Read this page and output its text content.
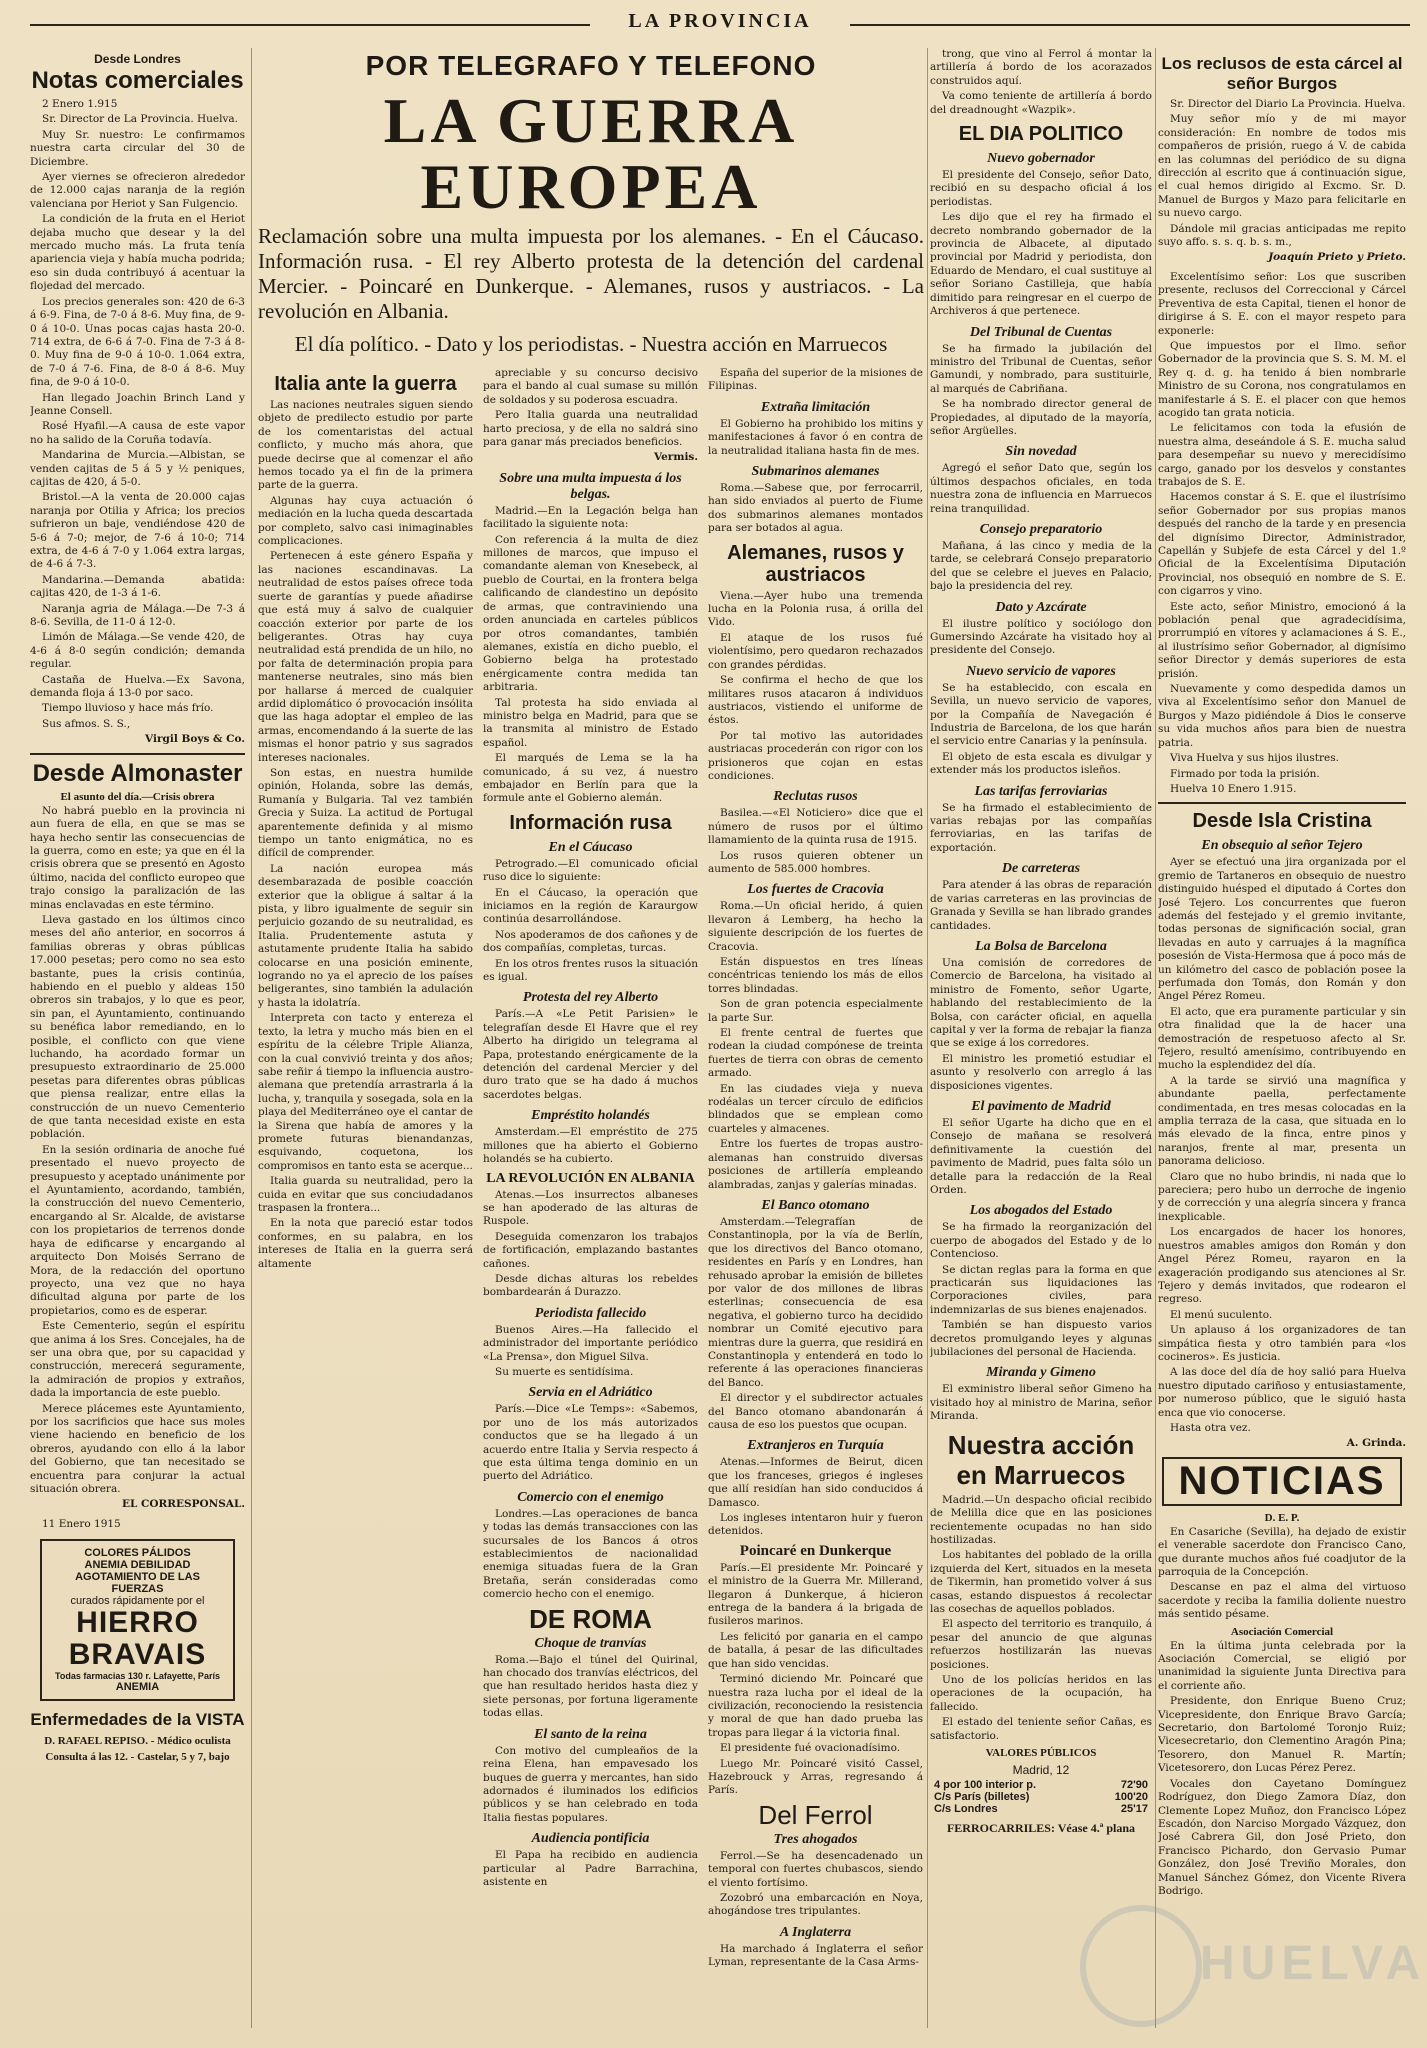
LA PROVINCIA
Desde Londres
Notas comerciales

2 Enero 1.915

Sr. Director de La Provincia. Huelva.

Muy Sr. nuestro: Le confirmamos nuestra carta circular del 30 de Diciembre.

Ayer viernes se ofrecieron alrededor de 12.000 cajas naranja de la región valenciana por Heriot y San Fulgencio.

La condición de la fruta en el Heriot dejaba mucho que desear y la del mercado mucho más. La fruta tenía apariencia vieja y había mucha podrida; eso sin duda contribuyó á acentuar la flojedad del mercado.

Los precios generales son: 420 de 6-3 á 6-9. Fina, de 7-0 á 8-6. Muy fina, de 9-0 á 10-0. Unas pocas cajas hasta 20-0. 714 extra, de 6-6 á 7-0. Fina de 7-3 á 8-0. Muy fina de 9-0 á 10-0. 1.064 extra, de 7-0 á 7-6. Fina, de 8-0 á 8-6. Muy fina, de 9-0 á 10-0.

Han llegado Joachin Brinch Land y Jeanne Consell.

Rosé Hyafil.—A causa de este vapor no ha salido de la Coruña todavía.

Mandarina de Murcia.—Albistan, se venden cajitas de 5 á 5 y ½ peniques, cajitas de 420, á 5-0.

Bristol.—A la venta de 20.000 cajas naranja por Otilia y Africa; los precios sufrieron un baje, vendiéndose 420 de 5-6 á 7-0; mejor, de 7-6 á 10-0; 714 extra, de 4-6 á 7-0 y 1.064 extra largas, de 4-6 á 7-3.

Mandarina.—Demanda abatida: cajitas 420, de 1-3 á 1-6.

Naranja agria de Málaga.—De 7-3 á 8-6. Sevilla, de 11-0 á 12-0.

Limón de Málaga.—Se vende 420, de 4-6 á 8-0 según condición; demanda regular.

Castaña de Huelva.—Ex Savona, demanda floja á 13-0 por saco.

Tiempo lluvioso y hace más frío.

Sus afmos. S. S.,

Virgil Boys & Co.
Desde Almonaster
El asunto del día.—Crisis obrera

No habrá pueblo en la provincia ni aun fuera de ella, en que se mas se haya hecho sentir las consecuencias de la guerra, como en este; ya que en él la crisis obrera que se presentó en Agosto último, nacida del conflicto europeo que trajo consigo la paralización de las minas enclavadas en este término.

Lleva gastado en los últimos cinco meses del año anterior, en socorros á familias obreras y obras públicas 17.000 pesetas; pero como no sea esto bastante, pues la crisis continúa, habiendo en el pueblo y aldeas 150 obreros sin trabajos, y lo que es peor, sin pan, el Ayuntamiento, continuando su benéfica labor remediando, en lo posible, el conflicto con que viene luchando, ha acordado formar un presupuesto extraordinario de 25.000 pesetas para diferentes obras públicas que piensa realizar, entre ellas la construcción de un nuevo Cementerio de que tanta necesidad existe en esta población.

En la sesión ordinaria de anoche fué presentado el nuevo proyecto de presupuesto y aceptado unánimente por el Ayuntamiento, acordando, también, la construcción del nuevo Cementerio, encargando al Sr. Alcalde, de avistarse con los propietarios de terrenos donde haya de edificarse y encargando al arquitecto Don Moisés Serrano de Mora, de la redacción del oportuno proyecto, una vez que no haya dificultad alguna por parte de los propietarios, como es de esperar.

Este Cementerio, según el espíritu que anima á los Sres. Concejales, ha de ser una obra que, por su capacidad y construcción, merecerá seguramente, la admiración de propios y extraños, dada la importancia de este pueblo.

Merece plácemes este Ayuntamiento, por los sacrificios que hace sus moles viene haciendo en beneficio de los obreros, ayudando con ello á la labor del Gobierno, que tan necesitado se encuentra para conjurar la actual situación obrera.

EL CORRESPONSAL.

11 Enero 1915

COLORES PÁLIDOS
ANEMIA DEBILIDAD AGOTAMIENTO DE LAS FUERZAS
curados rápidamente por el
HIERRO BRAVAIS
Todas farmacias 130 r. Lafayette, París
ANEMIA
Enfermedades de la VISTA
D. RAFAEL REPISO. - Médico oculista
Consulta á las 12. - Castelar, 5 y 7, bajo
POR TELEGRAFO Y TELEFONO
LA GUERRA EUROPEA
Reclamación sobre una multa impuesta por los alemanes. - En el Cáucaso. Información rusa. - El rey Alberto protesta de la detención del cardenal Mercier. - Poincaré en Dunkerque. - Alemanes, rusos y austriacos. - La revolución en Albania.
El día político. - Dato y los periodistas. - Nuestra acción en Marruecos
Italia ante la guerra

Las naciones neutrales siguen siendo objeto de predilecto estudio por parte de los comentaristas del actual conflicto, y mucho más ahora, que puede decirse que al comenzar el año hemos tocado ya el fin de la primera parte de la guerra.

Algunas hay cuya actuación ó mediación en la lucha queda descartada por completo, salvo casi inimaginables complicaciones.

Pertenecen á este género España y las naciones escandinavas. La neutralidad de estos países ofrece toda suerte de garantías y puede añadirse que está muy á salvo de cualquier coacción exterior por parte de los beligerantes. Otras hay cuya neutralidad está prendida de un hilo, no por falta de determinación propia para mantenerse neutrales, sino más bien por hallarse á merced de cualquier ardid diplomático ó provocación insólita que las haga adoptar el empleo de las armas, encomendando á la suerte de las mismas el honor patrio y sus sagrados intereses nacionales.

Son estas, en nuestra humilde opinión, Holanda, sobre las demás, Rumanía y Bulgaria. Tal vez también Grecia y Suiza. La actitud de Portugal aparentemente definida y al mismo tiempo un tanto enigmática, no es difícil de comprender.

La nación europea más desembarazada de posible coacción exterior que la obligue á saltar á la pista, y libro igualmente de seguir sin perjuicio gozando de su neutralidad, es Italia. Prudentemente astuta y astutamente prudente Italia ha sabido colocarse en una posición eminente, logrando no ya el aprecio de los países beligerantes, sino también la adulación y hasta la idolatría.

Interpreta con tacto y entereza el texto, la letra y mucho más bien en el espíritu de la célebre Triple Alianza, con la cual convivió treinta y dos años; sabe reñir á tiempo la influencia austro-alemana que pretendía arrastrarla á la lucha, y, tranquila y sosegada, sola en la playa del Mediterráneo oye el cantar de la Sirena que había de amores y la promete futuras bienandanzas, esquivando, coquetona, los compromisos en tanto esta se acerque...

Italia guarda su neutralidad, pero la cuida en evitar que sus conciudadanos traspasen la frontera...

En la nota que pareció estar todos conformes, en su palabra, en los intereses de Italia en la guerra será altamente

apreciable y su concurso decisivo para el bando al cual sumase su millón de soldados y su poderosa escuadra.

Pero Italia guarda una neutralidad harto preciosa, y de ella no saldrá sino para ganar más preciados beneficios.

Vermis.
Sobre una multa impuesta á los belgas.

Madrid.—En la Legación belga han facilitado la siguiente nota:

Con referencia á la multa de diez millones de marcos, que impuso el comandante aleman von Knesebeck, al pueblo de Courtai, en la frontera belga calificando de clandestino un depósito de armas, que contraviniendo una orden anunciada en carteles públicos por otros comandantes, también alemanes, existía en dicho pueblo, el Gobierno belga ha protestado enérgicamente contra medida tan arbitraria.

Tal protesta ha sido enviada al ministro belga en Madrid, para que se la transmita al ministro de Estado español.

El marqués de Lema se la ha comunicado, á su vez, á nuestro embajador en Berlín para que la formule ante el Gobierno alemán.

Información rusa
En el Cáucaso

Petrogrado.—El comunicado oficial ruso dice lo siguiente:

En el Cáucaso, la operación que iniciamos en la región de Karaurgow continúa desarrollándose.

Nos apoderamos de dos cañones y de dos compañías, completas, turcas.

En los otros frentes rusos la situación es igual.

Protesta del rey Alberto

París.—A «Le Petit Parisien» le telegrafían desde El Havre que el rey Alberto ha dirigido un telegrama al Papa, protestando enérgicamente de la detención del cardenal Mercier y del duro trato que se ha dado á muchos sacerdotes belgas.

Empréstito holandés

Amsterdam.—El empréstito de 275 millones que ha abierto el Gobierno holandés se ha cubierto.

LA REVOLUCIÓN EN ALBANIA

Atenas.—Los insurrectos albaneses se han apoderado de las alturas de Ruspole.

Deseguida comenzaron los trabajos de fortificación, emplazando bastantes cañones.

Desde dichas alturas los rebeldes bombardearán á Durazzo.

Periodista fallecido

Buenos Aires.—Ha fallecido el administrador del importante periódico «La Prensa», don Miguel Silva.

Su muerte es sentidísima.

Servia en el Adriático

París.—Dice «Le Temps»: «Sabemos, por uno de los más autorizados conductos que se ha llegado á un acuerdo entre Italia y Servia respecto á que esta última tenga dominio en un puerto del Adriático.

Comercio con el enemigo

Londres.—Las operaciones de banca y todas las demás transacciones con las sucursales de los Bancos á otros establecimientos de nacionalidad enemiga situadas fuera de la Gran Bretaña, serán consideradas como comercio hecho con el enemigo.

DE ROMA
Choque de tranvías

Roma.—Bajo el túnel del Quirinal, han chocado dos tranvías eléctricos, del que han resultado heridos hasta diez y siete personas, por fortuna ligeramente todas ellas.

El santo de la reina

Con motivo del cumpleaños de la reina Elena, han empavesado los buques de guerra y mercantes, han sido adornados é iluminados los edificios públicos y se han celebrado en toda Italia fiestas populares.

Audiencia pontificia

El Papa ha recibido en audiencia particular al Padre Barrachina, asistente en

España del superior de la misiones de Filipinas.

Extraña limitación

El Gobierno ha prohibido los mitins y manifestaciones á favor ó en contra de la neutralidad italiana hasta fin de mes.

Submarinos alemanes

Roma.—Sabese que, por ferrocarril, han sido enviados al puerto de Fiume dos submarinos alemanes montados para ser botados al agua.

Alemanes, rusos y austriacos

Viena.—Ayer hubo una tremenda lucha en la Polonia rusa, á orilla del Vido.

El ataque de los rusos fué violentísimo, pero quedaron rechazados con grandes pérdidas.

Se confirma el hecho de que los militares rusos atacaron á individuos austriacos, vistiendo el uniforme de éstos.

Por tal motivo las autoridades austriacas procederán con rigor con los prisioneros que cojan en estas condiciones.

Reclutas rusos

Basilea.—«El Noticiero» dice que el número de rusos por el último llamamiento de la quinta rusa de 1915.

Los rusos quieren obtener un aumento de 585.000 hombres.

Los fuertes de Cracovia

Roma.—Un oficial herido, á quien llevaron á Lemberg, ha hecho la siguiente descripción de los fuertes de Cracovia.

Están dispuestos en tres líneas concéntricas teniendo los más de ellos torres blindadas.

Son de gran potencia especialmente la parte Sur.

El frente central de fuertes que rodean la ciudad compónese de treinta fuertes de tierra con obras de cemento armado.

En las ciudades vieja y nueva rodéalas un tercer círculo de edificios blindados que se emplean como cuarteles y almacenes.

Entre los fuertes de tropas austro-alemanas han construido diversas posiciones de artillería empleando alambradas, zanjas y galerías minadas.

El Banco otomano

Amsterdam.—Telegrafían de Constantinopla, por la vía de Berlín, que los directivos del Banco otomano, residentes en París y en Londres, han rehusado aprobar la emisión de billetes por valor de dos millones de libras esterlinas; consecuencia de esa negativa, el gobierno turco ha decidido nombrar un Comité ejecutivo para mientras dure la guerra, que residirá en Constantinopla y entenderá en todo lo referente á las operaciones financieras del Banco.

El director y el subdirector actuales del Banco otomano abandonarán á causa de eso los puestos que ocupan.

Extranjeros en Turquía

Atenas.—Informes de Beirut, dicen que los franceses, griegos é ingleses que allí residían han sido conducidos á Damasco.

Los ingleses intentaron huir y fueron detenidos.

Poincaré en Dunkerque

París.—El presidente Mr. Poincaré y el ministro de la Guerra Mr. Millerand, llegaron á Dunkerque, á hicieron entrega de la bandera á la brigada de fusileros marinos.

Les felicitó por ganaria en el campo de batalla, á pesar de las dificultades que han sido vencidas.

Terminó diciendo Mr. Poincaré que nuestra raza lucha por el ideal de la civilización, reconociendo la resistencia y moral de que han dado prueba las tropas para llegar á la victoria final.

El presidente fué ovacionadísimo.

Luego Mr. Poincaré visitó Cassel, Hazebrouck y Arras, regresando á París.

Del Ferrol
Tres ahogados

Ferrol.—Se ha desencadenado un temporal con fuertes chubascos, siendo el viento fortísimo.

Zozobró una embarcación en Noya, ahogándose tres tripulantes.

A Inglaterra

Ha marchado á Inglaterra el señor Lyman, representante de la Casa Arms-

trong, que vino al Ferrol á montar la artillería á bordo de los acorazados construidos aquí.

Va como teniente de artillería á bordo del dreadnought «Wazpik».

EL DIA POLITICO
Nuevo gobernador

El presidente del Consejo, señor Dato, recibió en su despacho oficial á los periodistas.

Les dijo que el rey ha firmado el decreto nombrando gobernador de la provincia de Albacete, al diputado provincial por Madrid y periodista, don Eduardo de Mendaro, el cual sustituye al señor Soriano Castilleja, que había dimitido para reingresar en el cuerpo de Archiveros á que pertenece.

Del Tribunal de Cuentas

Se ha firmado la jubilación del ministro del Tribunal de Cuentas, señor Gamundi, y nombrado, para sustituirle, al marqués de Cabriñana.

Se ha nombrado director general de Propiedades, al diputado de la mayoría, señor Argüelles.

Sin novedad

Agregó el señor Dato que, según los últimos despachos oficiales, en toda nuestra zona de influencia en Marruecos reina tranquilidad.

Consejo preparatorio

Mañana, á las cinco y media de la tarde, se celebrará Consejo preparatorio del que se celebre el jueves en Palacio, bajo la presidencia del rey.

Dato y Azcárate

El ilustre político y sociólogo don Gumersindo Azcárate ha visitado hoy al presidente del Consejo.

Nuevo servicio de vapores

Se ha establecido, con escala en Sevilla, un nuevo servicio de vapores, por la Compañía de Navegación é Industria de Barcelona, de los que harán el servicio entre Canarias y la península.

El objeto de esta escala es divulgar y extender más los productos isleños.

Las tarifas ferroviarias

Se ha firmado el establecimiento de varias rebajas por las compañías ferroviarias, en las tarifas de exportación.

De carreteras

Para atender á las obras de reparación de varias carreteras en las provincias de Granada y Sevilla se han librado grandes cantidades.

La Bolsa de Barcelona

Una comisión de corredores de Comercio de Barcelona, ha visitado al ministro de Fomento, señor Ugarte, hablando del restablecimiento de la Bolsa, con carácter oficial, en aquella capital y ver la forma de rebajar la fianza que se exige á los corredores.

El ministro les prometió estudiar el asunto y resolverlo con arreglo á las disposiciones vigentes.

El pavimento de Madrid

El señor Ugarte ha dicho que en el Consejo de mañana se resolverá definitivamente la cuestión del pavimento de Madrid, pues falta sólo un detalle para la redacción de la Real Orden.

Los abogados del Estado

Se ha firmado la reorganización del cuerpo de abogados del Estado y de lo Contencioso.

Se dictan reglas para la forma en que practicarán sus liquidaciones las Corporaciones civiles, para indemnizarlas de sus bienes enajenados.

También se han dispuesto varios decretos promulgando leyes y algunas jubilaciones del personal de Hacienda.

Miranda y Gimeno

El exministro liberal señor Gimeno ha visitado hoy al ministro de Marina, señor Miranda.

Nuestra acción en Marruecos

Madrid.—Un despacho oficial recibido de Melilla dice que en las posiciones recientemente ocupadas no han sido hostilizadas.

Los habitantes del poblado de la orilla izquierda del Kert, situados en la meseta de Tikermin, han prometido volver á sus casas, estando dispuestos á recolectar las cosechas de aquellos poblados.

El aspecto del territorio es tranquilo, á pesar del anuncio de que algunas refuerzos hostilizarán las nuevas posiciones.

Uno de los policías heridos en las operaciones de la ocupación, ha fallecido.

El estado del teniente señor Cañas, es satisfactorio.

VALORES PÚBLICOS
Madrid, 12
4 por 100 interior p.	72'90
C/s París (billetes)	100'20
C/s Londres	25'17
FERROCARRILES: Véase 4.ª plana
Los reclusos de esta cárcel al señor Burgos

Sr. Director del Diario La Provincia. Huelva.

Muy señor mío y de mi mayor consideración: En nombre de todos mis compañeros de prisión, ruego á V. de cabida en las columnas del periódico de su digna dirección al escrito que á continuación sigue, el cual hemos dirigido al Excmo. Sr. D. Manuel de Burgos y Mazo para felicitarle en su nuevo cargo.

Dándole mil gracias anticipadas me repito suyo affo. s. s. q. b. s. m.,

Joaquín Prieto y Prieto.

Excelentísimo señor: Los que suscriben presente, reclusos del Correccional y Cárcel Preventiva de esta Capital, tienen el honor de dirigirse á S. E. con el mayor respeto para exponerle:

Que impuestos por el Ilmo. señor Gobernador de la provincia que S. S. M. M. el Rey q. d. g. ha tenido á bien nombrarle Ministro de su Corona, nos congratulamos en manifestarle á S. E. el placer con que hemos acogido tan grata noticia.

Le felicitamos con toda la efusión de nuestra alma, deseándole á S. E. mucha salud para desempeñar su nuevo y merecidísimo cargo, ganado por los desvelos y constantes trabajos de S. E.

Hacemos constar á S. E. que el ilustrísimo señor Gobernador por sus propias manos después del rancho de la tarde y en presencia del dignísimo Director, Administrador, Capellán y Subjefe de esta Cárcel y del 1.º Oficial de la Excelentísima Diputación Provincial, nos obsequió en nombre de S. E. con cigarros y vino.

Este acto, señor Ministro, emocionó á la población penal que agradecidísima, prorrumpió en vítores y aclamaciones á S. E., al ilustrísimo señor Gobernador, al dignísimo señor Director y demás superiores de esta prisión.

Nuevamente y como despedida damos un viva al Excelentísimo señor don Manuel de Burgos y Mazo pidiéndole á Dios le conserve su vida muchos años para bien de nuestra patria.

Viva Huelva y sus hijos ilustres.

Firmado por toda la prisión.

Huelva 10 Enero 1.915.

Desde Isla Cristina
En obsequio al señor Tejero

Ayer se efectuó una jira organizada por el gremio de Tartaneros en obsequio de nuestro distinguido huésped el diputado á Cortes don José Tejero. Los concurrentes que fueron además del festejado y el gremio invitante, todas personas de significación social, gran llevadas en auto y carruajes á la magnífica posesión de Vista-Hermosa que á poco más de un kilómetro del casco de población posee la perfumada don Tomás, don Román y don Angel Pérez Romeu.

El acto, que era puramente particular y sin otra finalidad que la de hacer una demostración de respetuoso afecto al Sr. Tejero, resultó amenísimo, contribuyendo en mucho la esplendidez del día.

A la tarde se sirvió una magnífica y abundante paella, perfectamente condimentada, en tres mesas colocadas en la amplia terraza de la casa, que situada en lo más elevado de la finca, entre pinos y naranjos, frente al mar, presenta un panorama delicioso.

Claro que no hubo brindis, ni nada que lo pareciera; pero hubo un derroche de ingenio y de corrección y una alegría sincera y franca inexplicable.

Los encargados de hacer los honores, nuestros amables amigos don Román y don Angel Pérez Romeu, rayaron en la exageración prodigando sus atenciones al Sr. Tejero y demás invitados, que rodearon el regreso.

El menú suculento.

Un aplauso á los organizadores de tan simpática fiesta y otro también para «los cocineros». Es justicia.

A las doce del día de hoy salió para Huelva nuestro diputado cariñoso y entusiastamente, por numeroso público, que le siguió hasta enca que vio conocerse.

Hasta otra vez.

A. Grinda.
NOTICIAS
D. E. P.

En Casariche (Sevilla), ha dejado de existir el venerable sacerdote don Francisco Cano, que durante muchos años fué coadjutor de la parroquia de la Concepción.

Descanse en paz el alma del virtuoso sacerdote y reciba la familia doliente nuestro más sentido pésame.

Asociación Comercial

En la última junta celebrada por la Asociación Comercial, se eligió por unanimidad la siguiente Junta Directiva para el corriente año.

Presidente, don Enrique Bueno Cruz; Vicepresidente, don Enrique Bravo García; Secretario, don Bartolomé Toronjo Ruiz; Vicesecretario, don Clementino Aragón Pina; Tesorero, don Manuel R. Martín; Vicetesorero, don Lucas Pérez Perez.

Vocales don Cayetano Domínguez Rodríguez, don Diego Zamora Díaz, don Clemente Lopez Muñoz, don Francisco López Escadón, don Narciso Morgado Vázquez, don José Cabrera Gil, don José Prieto, don Francisco Pichardo, don Gervasio Pumar González, don José Treviño Morales, don Manuel Sánchez Gómez, don Vicente Rivera Bodrigo.

HUELVA
